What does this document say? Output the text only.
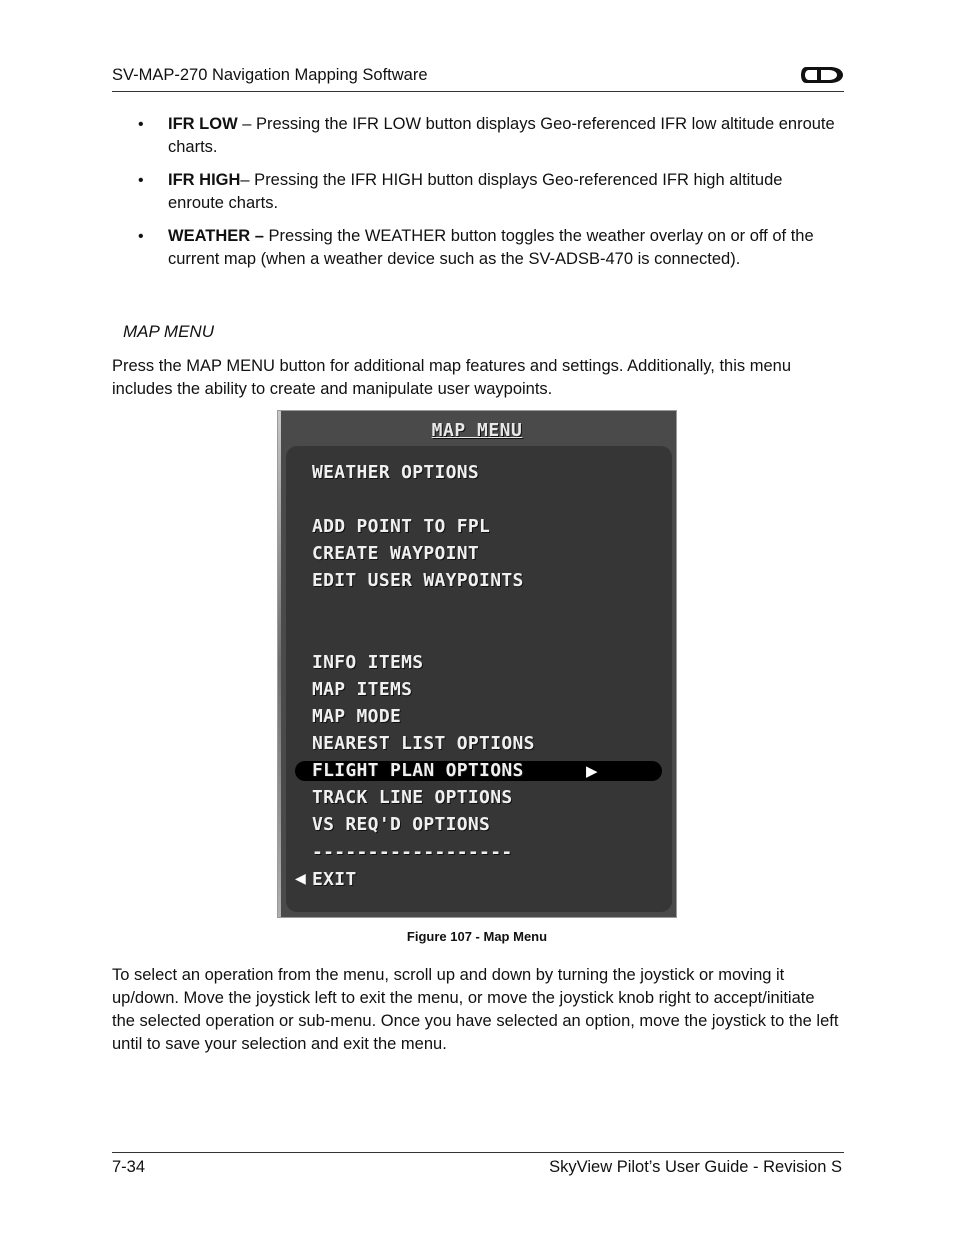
SV-MAP-270 Navigation Mapping Software
• IFR LOW – Pressing the IFR LOW button displays Geo-referenced IFR low altitude enroute charts.
• IFR HIGH– Pressing the IFR HIGH button displays Geo-referenced IFR high altitude enroute charts.
• WEATHER – Pressing the WEATHER button toggles the weather overlay on or off of the current map (when a weather device such as the SV-ADSB-470 is connected).
MAP MENU

Press the MAP MENU button for additional map features and settings. Additionally, this menu includes the ability to create and manipulate user waypoints.

MAP MENU
WEATHER OPTIONS
ADD POINT TO FPL
CREATE WAYPOINT
EDIT USER WAYPOINTS
INFO ITEMS
MAP ITEMS
MAP MODE
NEAREST LIST OPTIONS
FLIGHT PLAN OPTIONS	▶
TRACK LINE OPTIONS
VS REQ'D OPTIONS
------------------
◀ EXIT
Figure 107 - Map Menu

To select an operation from the menu, scroll up and down by turning the joystick or moving it up/down. Move the joystick left to exit the menu, or move the joystick knob right to accept/initiate the selected operation or sub-menu. Once you have selected an option, move the joystick to the left until to save your selection and exit the menu.

7-34	SkyView Pilot’s User Guide - Revision S
